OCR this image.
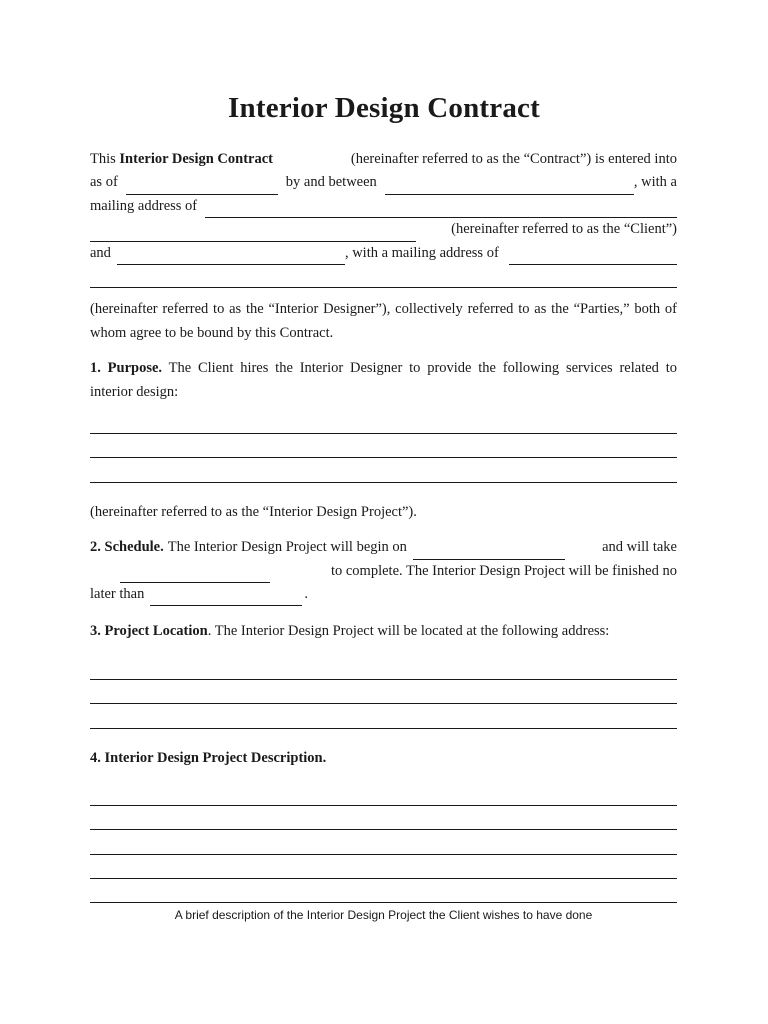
Interior Design Contract
This Interior Design Contract	(hereinafter referred to as the “Contract”) is entered into
as of	by and between	, with a
mailing address of
(hereinafter referred to as the “Client”)
and	, with a mailing address of
(hereinafter referred to as the “Interior Designer”), collectively referred to as the “Parties,” both of whom agree to be bound by this Contract.
1. Purpose. The Client hires the Interior Designer to provide the following services related to interior design:
(hereinafter referred to as the “Interior Design Project”).
2. Schedule. The Interior Design Project will begin on	and will take
to complete. The Interior Design Project will be finished no
later than	.
3. Project Location. The Interior Design Project will be located at the following address:
4. Interior Design Project Description.
A brief description of the Interior Design Project the Client wishes to have done
